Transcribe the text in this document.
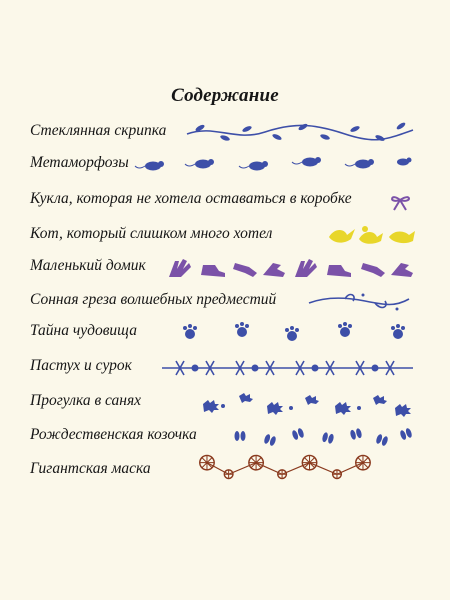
Содержание
Стеклянная скрипка
Метаморфозы
Кукла, которая не хотела оставаться в коробке
Кот, который слишком много хотел
Маленький домик
Сонная греза волшебных предместий
Тайна чудовища
Пастух и сурок
Прогулка в санях
Рождественская козочка
Гигантская маска
